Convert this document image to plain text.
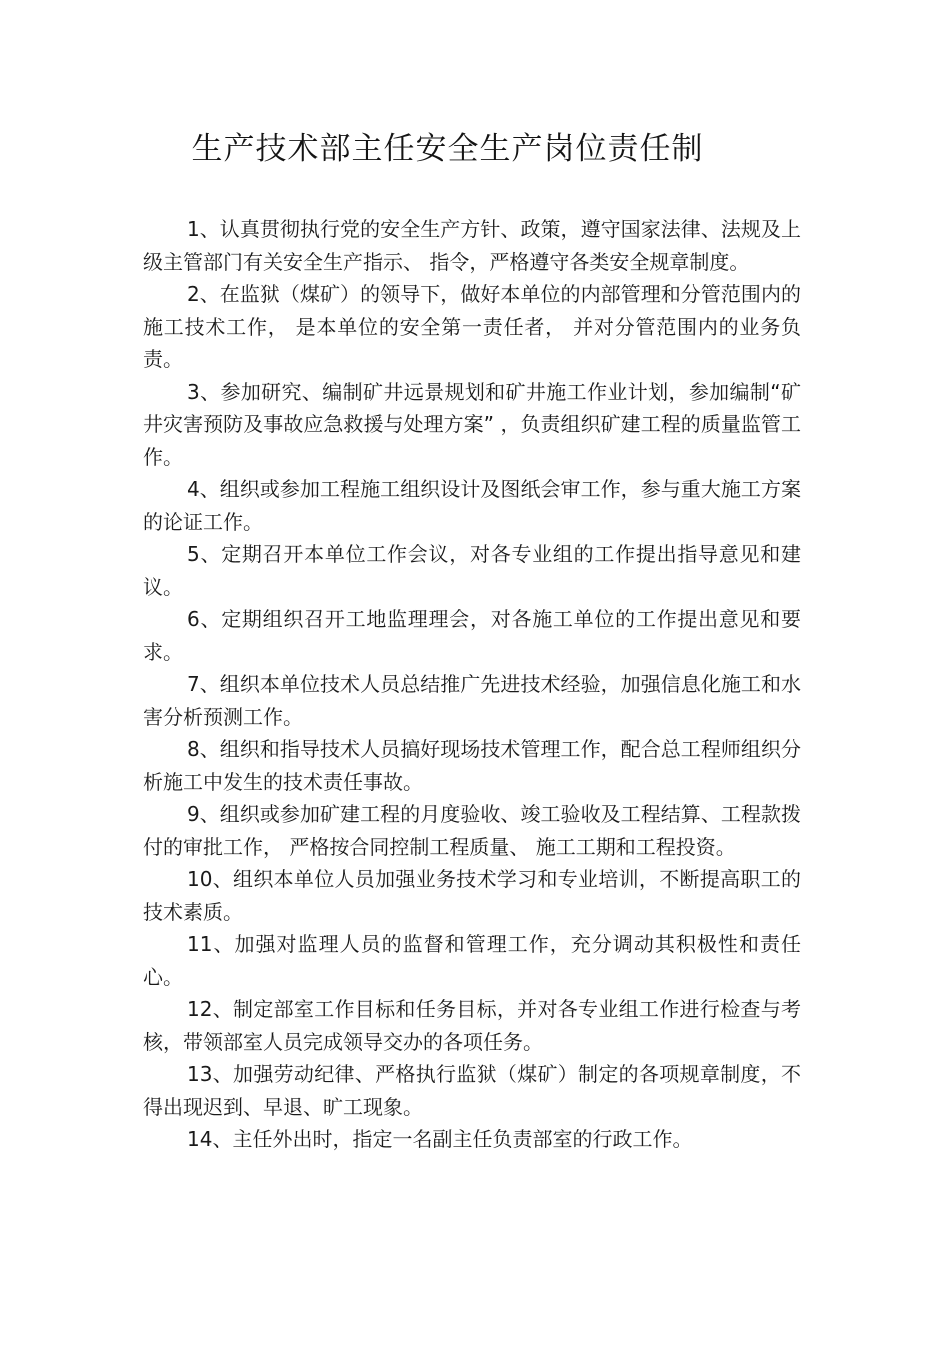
生产技术部主任安全生产岗位责任制

1、认真贯彻执行党的安全生产方针、政策，遵守国家法律、法规及上级主管部门有关安全生产指示、 指令，严格遵守各类安全规章制度。

2、在监狱（煤矿）的领导下，做好本单位的内部管理和分管范围内的施工技术工作， 是本单位的安全第一责任者， 并对分管范围内的业务负责。

3、参加研究、编制矿井远景规划和矿井施工作业计划，参加编制“矿井灾害预防及事故应急救援与处理方案” ，负责组织矿建工程的质量监管工作。

4、组织或参加工程施工组织设计及图纸会审工作，参与重大施工方案的论证工作。

5、定期召开本单位工作会议，对各专业组的工作提出指导意见和建议。

6、定期组织召开工地监理理会，对各施工单位的工作提出意见和要求。

7、组织本单位技术人员总结推广先进技术经验，加强信息化施工和水害分析预测工作。

8、组织和指导技术人员搞好现场技术管理工作，配合总工程师组织分析施工中发生的技术责任事故。

9、组织或参加矿建工程的月度验收、竣工验收及工程结算、工程款拨付的审批工作， 严格按合同控制工程质量、 施工工期和工程投资。

10、组织本单位人员加强业务技术学习和专业培训，不断提高职工的技术素质。

11、加强对监理人员的监督和管理工作，充分调动其积极性和责任心。

12、制定部室工作目标和任务目标，并对各专业组工作进行检查与考核，带领部室人员完成领导交办的各项任务。

13、加强劳动纪律、严格执行监狱（煤矿）制定的各项规章制度，不得出现迟到、早退、旷工现象。

14、主任外出时，指定一名副主任负责部室的行政工作。
